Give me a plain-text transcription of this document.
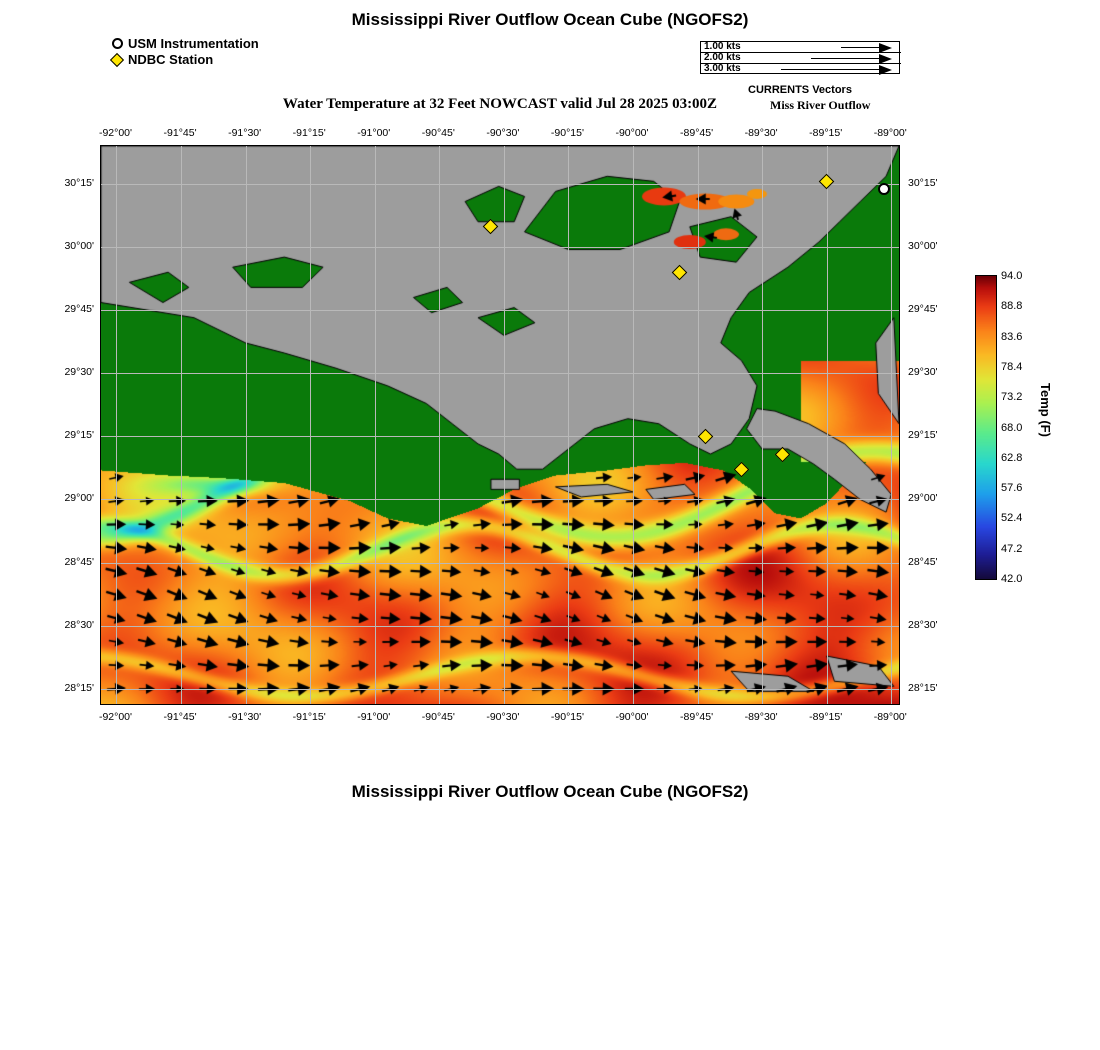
Mississippi River Outflow Ocean Cube (NGOFS2)
Water Temperature at 32 Feet NOWCAST valid Jul 28 2025 03:00Z
Mississippi River Outflow Ocean Cube (NGOFS2)
USM Instrumentation
NDBC Station
1.00 kts
2.00 kts
3.00 kts
CURRENTS Vectors
Miss River Outflow
-92°00'
-92°00'
-91°45'
-91°45'
-91°30'
-91°30'
-91°15'
-91°15'
-91°00'
-91°00'
-90°45'
-90°45'
-90°30'
-90°30'
-90°15'
-90°15'
-90°00'
-90°00'
-89°45'
-89°45'
-89°30'
-89°30'
-89°15'
-89°15'
-89°00'
-89°00'
30°15'	30°15'
30°00'	30°00'
29°45'	29°45'
29°30'	29°30'
29°15'	29°15'
29°00'	29°00'
28°45'	28°45'
28°30'	28°30'
28°15'	28°15'
94.0
88.8
83.6
78.4
73.2
68.0
62.8
57.6
52.4
47.2
42.0
Temp (F)
